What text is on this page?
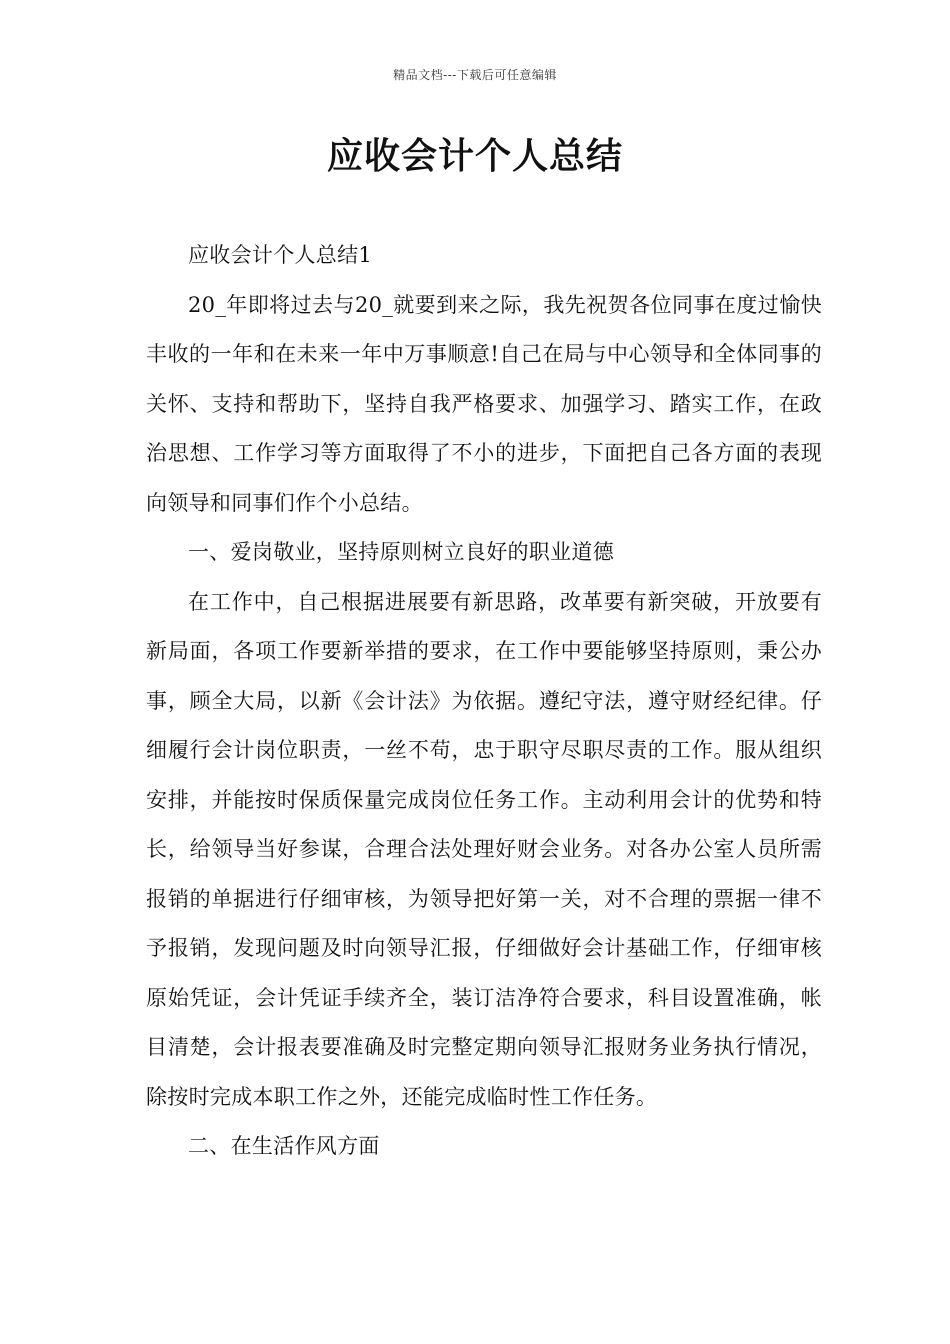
精品文档---下载后可任意编辑
应收会计个人总结

应收会计个人总结1

20_年即将过去与20_就要到来之际，我先祝贺各位同事在度过愉快丰收的一年和在未来一年中万事顺意!自己在局与中心领导和全体同事的关怀、支持和帮助下，坚持自我严格要求、加强学习、踏实工作，在政治思想、工作学习等方面取得了不小的进步，下面把自己各方面的表现向领导和同事们作个小总结。

一、爱岗敬业，坚持原则树立良好的职业道德

在工作中，自己根据进展要有新思路，改革要有新突破，开放要有新局面，各项工作要新举措的要求，在工作中要能够坚持原则，秉公办事，顾全大局，以新《会计法》为依据。遵纪守法，遵守财经纪律。仔细履行会计岗位职责，一丝不苟，忠于职守尽职尽责的工作。服从组织安排，并能按时保质保量完成岗位任务工作。主动利用会计的优势和特长，给领导当好参谋，合理合法处理好财会业务。对各办公室人员所需报销的单据进行仔细审核，为领导把好第一关，对不合理的票据一律不予报销，发现问题及时向领导汇报，仔细做好会计基础工作，仔细审核原始凭证，会计凭证手续齐全，装订洁净符合要求，科目设置准确，帐目清楚，会计报表要准确及时完整定期向领导汇报财务业务执行情况，除按时完成本职工作之外，还能完成临时性工作任务。

二、在生活作风方面
